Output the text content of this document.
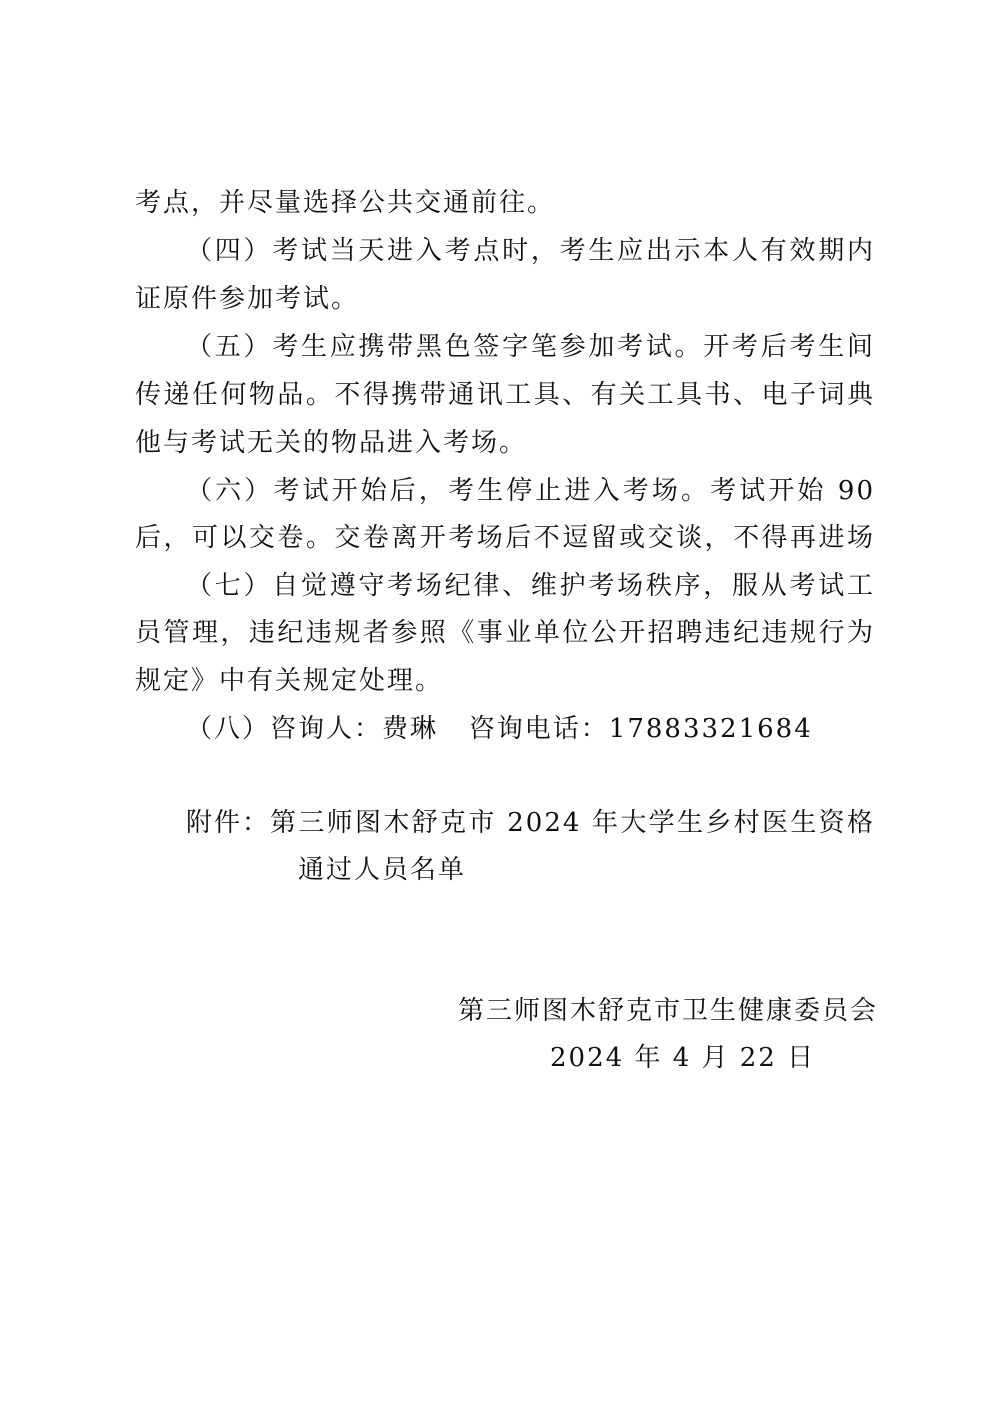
考点，并尽量选择公共交通前往。
（四）考试当天进入考点时，考生应出示本人有效期内
证原件参加考试。
（五）考生应携带黑色签字笔参加考试。开考后考生间
传递任何物品。不得携带通讯工具、有关工具书、电子词典
他与考试无关的物品进入考场。
（六）考试开始后，考生停止进入考场。考试开始 90
后，可以交卷。交卷离开考场后不逗留或交谈，不得再进场
（七）自觉遵守考场纪律、维护考场秩序，服从考试工
员管理，违纪违规者参照《事业单位公开招聘违纪违规行为
规定》中有关规定处理。
（八）咨询人：费琳   咨询电话：17883321684
附件： 第三师图木舒克市 2024 年大学生乡村医生资格
通过人员名单
第三师图木舒克市卫生健康委员会
2024 年 4 月 22 日
